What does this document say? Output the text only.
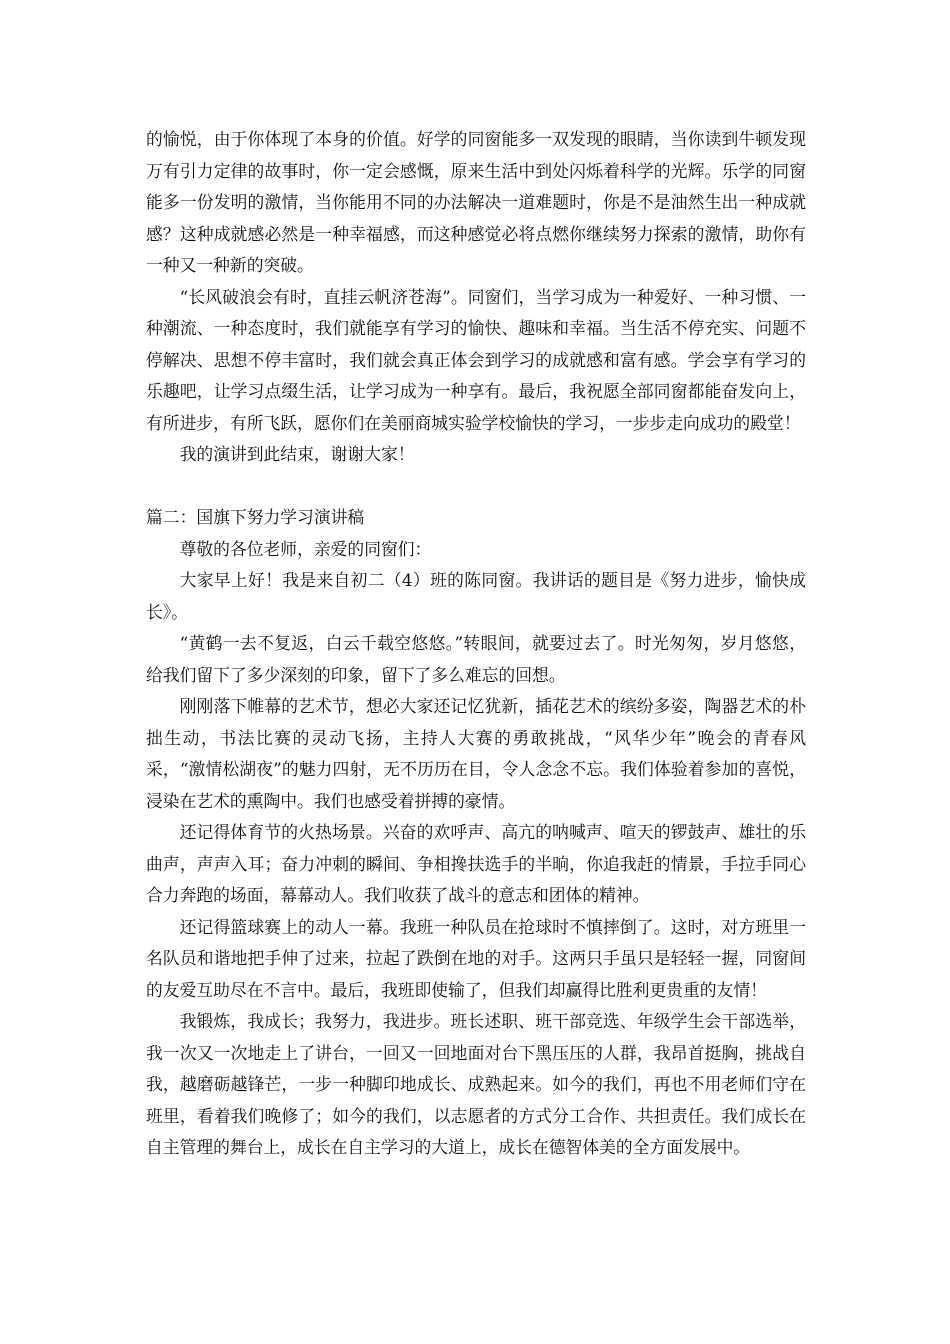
的愉悦，由于你体现了本身的价值。好学的同窗能多一双发现的眼睛，当你读到牛顿发现万有引力定律的故事时，你一定会感慨，原来生活中到处闪烁着科学的光辉。乐学的同窗能多一份发明的激情，当你能用不同的办法解决一道难题时，你是不是油然生出一种成就感？这种成就感必然是一种幸福感，而这种感觉必将点燃你继续努力探索的激情，助你有一种又一种新的突破。

“长风破浪会有时，直挂云帆济苍海”。同窗们，当学习成为一种爱好、一种习惯、一种潮流、一种态度时，我们就能享有学习的愉快、趣味和幸福。当生活不停充实、问题不停解决、思想不停丰富时，我们就会真正体会到学习的成就感和富有感。学会享有学习的乐趣吧，让学习点缀生活，让学习成为一种享有。最后，我祝愿全部同窗都能奋发向上，有所进步，有所飞跃，愿你们在美丽商城实验学校愉快的学习，一步步走向成功的殿堂！

我的演讲到此结束，谢谢大家！

篇二：国旗下努力学习演讲稿

尊敬的各位老师，亲爱的同窗们：

大家早上好！我是来自初二（4）班的陈同窗。我讲话的题目是《努力进步，愉快成长》。

“黄鹤一去不复返，白云千载空悠悠。”转眼间，就要过去了。时光匆匆，岁月悠悠，给我们留下了多少深刻的印象，留下了多么难忘的回想。

刚刚落下帷幕的艺术节，想必大家还记忆犹新，插花艺术的缤纷多姿，陶器艺术的朴拙生动，书法比赛的灵动飞扬，主持人大赛的勇敢挑战，“风华少年”晚会的青春风采，“激情松湖夜”的魅力四射，无不历历在目，令人念念不忘。我们体验着参加的喜悦，浸染在艺术的熏陶中。我们也感受着拼搏的豪情。

还记得体育节的火热场景。兴奋的欢呼声、高亢的呐喊声、喧天的锣鼓声、雄壮的乐曲声，声声入耳；奋力冲刺的瞬间、争相搀扶选手的半晌，你追我赶的情景，手拉手同心合力奔跑的场面，幕幕动人。我们收获了战斗的意志和团体的精神。

还记得篮球赛上的动人一幕。我班一种队员在抢球时不慎摔倒了。这时，对方班里一名队员和谐地把手伸了过来，拉起了跌倒在地的对手。这两只手虽只是轻轻一握，同窗间的友爱互助尽在不言中。最后，我班即使输了，但我们却赢得比胜利更贵重的友情！

我锻炼，我成长；我努力，我进步。班长述职、班干部竞选、年级学生会干部选举，我一次又一次地走上了讲台，一回又一回地面对台下黑压压的人群，我昂首挺胸，挑战自我，越磨砺越锋芒，一步一种脚印地成长、成熟起来。如今的我们，再也不用老师们守在班里，看着我们晚修了；如今的我们，以志愿者的方式分工合作、共担责任。我们成长在自主管理的舞台上，成长在自主学习的大道上，成长在德智体美的全方面发展中。
